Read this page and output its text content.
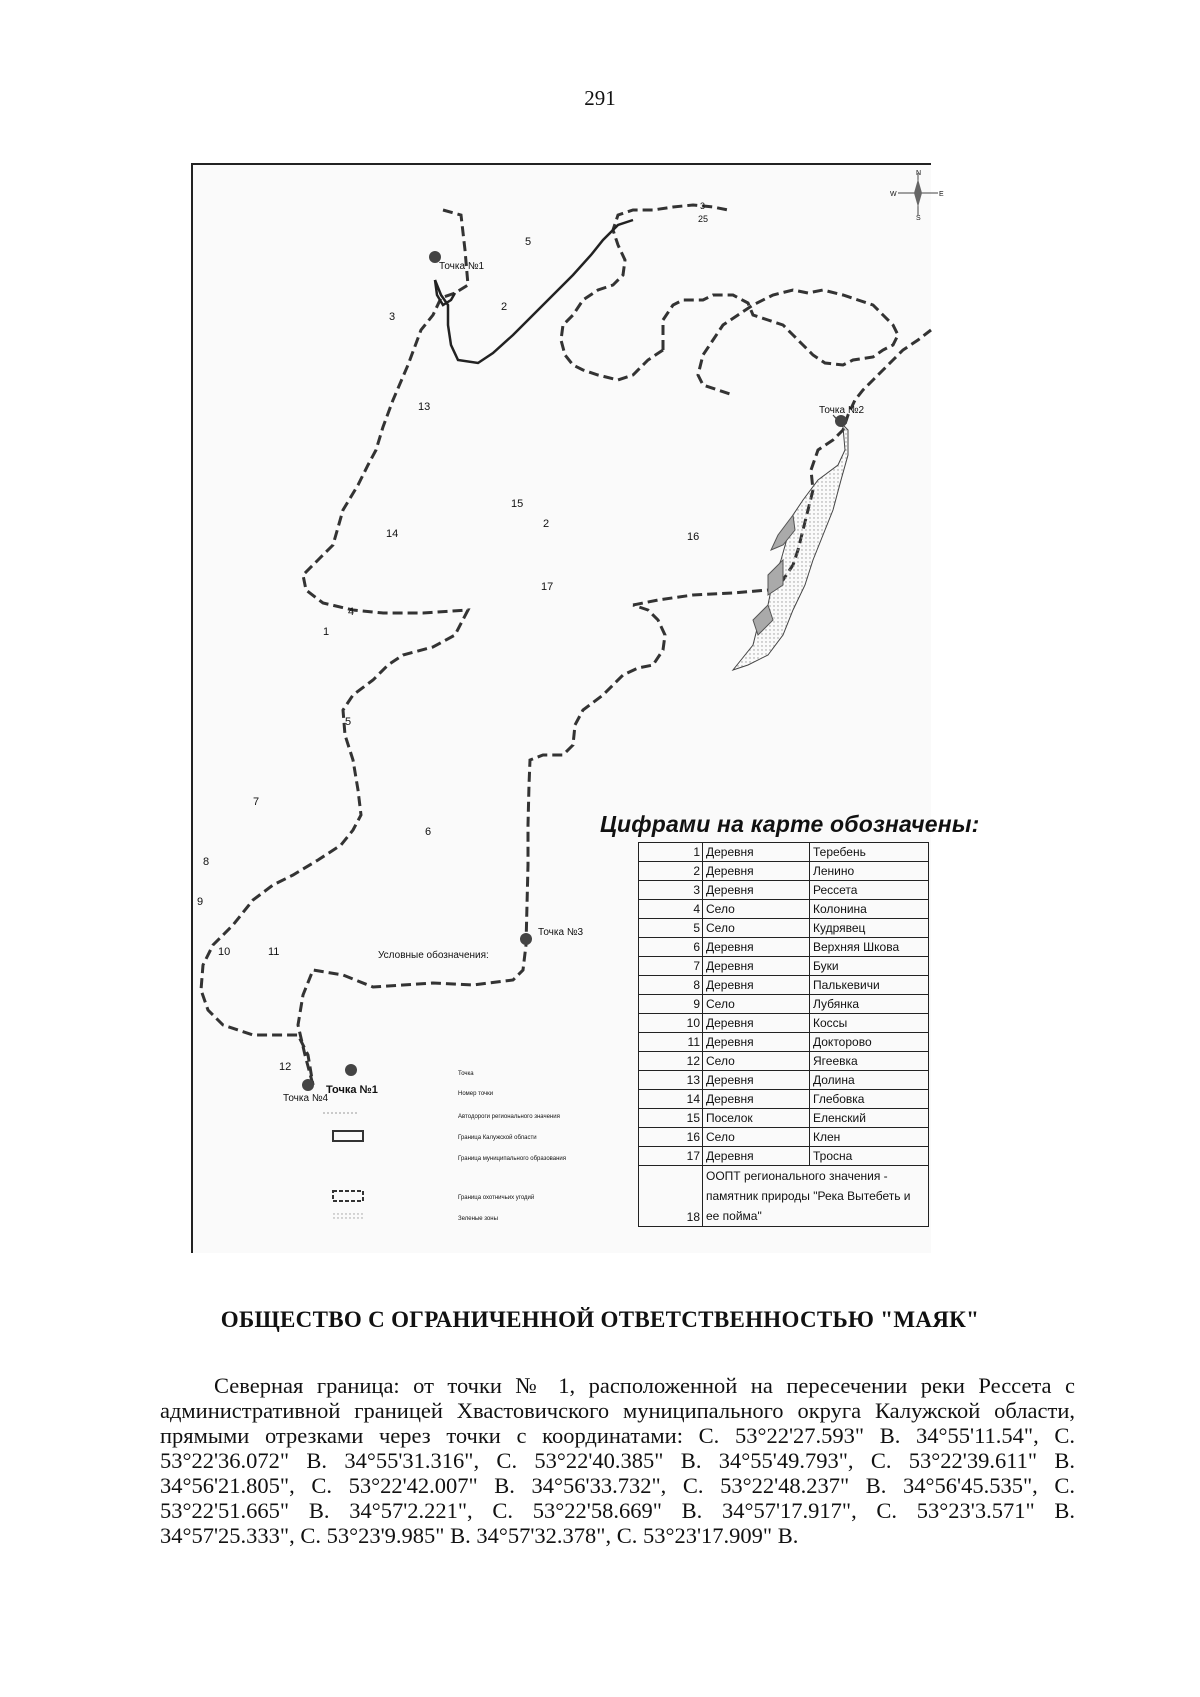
291
N
S
W	E
Точка №1
Точка №2
Точка №3
Точка №4
5
2
3
13
15
2
14	16
17
4
1
5
7
6
8
9
10	11
12
3
25
Условные обозначения:
Точка №1
Точка
Номер точки
Автодороги регионального значения
Граница Калужской области
Граница муниципального образования
Граница охотничьих угодий
Зеленые зоны
Цифрами на карте обозначены:
1	Деревня	Теребень
2	Деревня	Ленино
3	Деревня	Рессета
4	Село	Колонина
5	Село	Кудрявец
6	Деревня	Верхняя Шкова
7	Деревня	Буки
8	Деревня	Палькевичи
9	Село	Лубянка
10	Деревня	Коссы
11	Деревня	Докторово
12	Село	Ягеевка
13	Деревня	Долина
14	Деревня	Глебовка
15	Поселок	Еленский
16	Село	Клен
17	Деревня	Тросна
18	ООПТ регионального значения - памятник природы "Река Вытебеть и ее пойма"	
ОБЩЕСТВО С ОГРАНИЧЕННОЙ ОТВЕТСТВЕННОСТЬЮ "МАЯК"

Северная граница: от точки № 1, расположенной на пересечении реки Рессета с административной границей Хвастовичского муниципального округа Калужской области, прямыми отрезками через точки с координатами: С. 53°22'27.593" В. 34°55'11.54", С. 53°22'36.072" В. 34°55'31.316", С. 53°22'40.385" В. 34°55'49.793", С. 53°22'39.611" В. 34°56'21.805", С. 53°22'42.007" В. 34°56'33.732", С. 53°22'48.237" В. 34°56'45.535", С. 53°22'51.665" В. 34°57'2.221", С. 53°22'58.669" В. 34°57'17.917", С. 53°23'3.571" В. 34°57'25.333", С. 53°23'9.985" В. 34°57'32.378", С. 53°23'17.909" В.
